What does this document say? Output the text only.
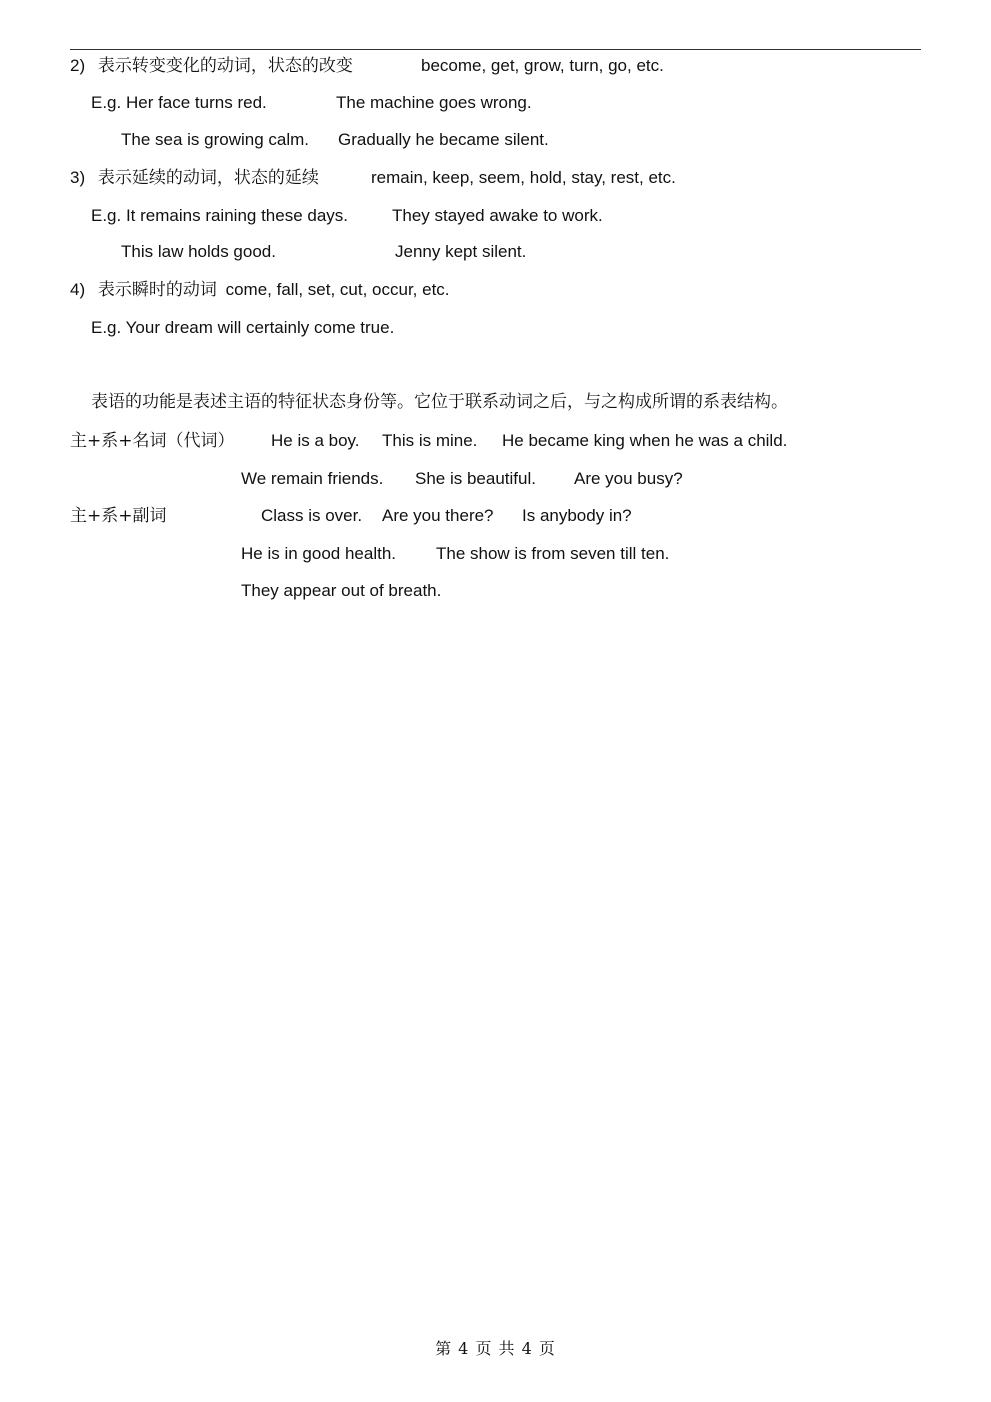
2) 表示转变变化的动词，状态的改变	become, get, grow, turn, go, etc.
E.g. Her face turns red.	The machine goes wrong.
The sea is growing calm. Gradually he became silent.
3) 表示延续的动词，状态的延续	remain, keep, seem, hold, stay, rest, etc.
E.g. It remains raining these days.	They stayed awake to work.
This law holds good.	Jenny kept silent.
4) 表示瞬时的动词 come, fall, set, cut, occur, etc.
E.g. Your dream will certainly come true.
表语的功能是表述主语的特征状态身份等。它位于联系动词之后，与之构成所谓的系表结构。
主+系+名词（代词） He is a boy. This is mine. He became king when he was a child.
We remain friends. She is beautiful. Are you busy?
主+系+副词	Class is over. Are you there? Is anybody in?
He is in good health. The show is from seven till ten.
They appear out of breath.
第 4 页 共 4 页
